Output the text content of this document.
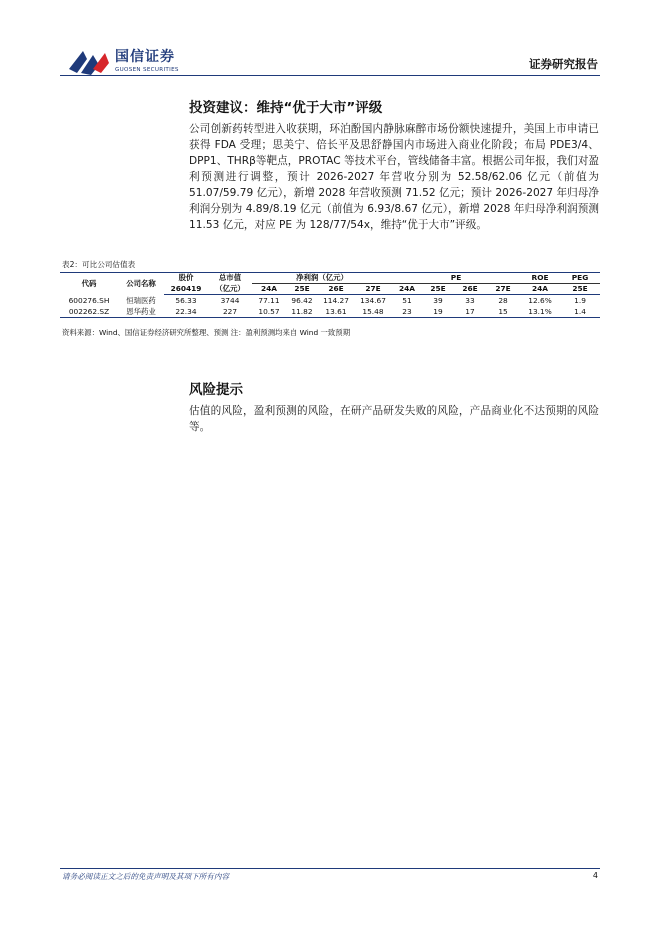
国信证券
GUOSEN SECURITIES	证券研究报告
投资建议：维持“优于大市”评级
公司创新药转型进入收获期，环泊酚国内静脉麻醉市场份额快速提升，美国上市申请已获得 FDA 受理；思美宁、倍长平及思舒静国内市场进入商业化阶段；布局 PDE3/4、DPP1、THRβ等靶点，PROTAC 等技术平台，管线储备丰富。根据公司年报，我们对盈利预测进行调整，预计 2026-2027 年营收分别为 52.58/62.06 亿元（前值为 51.07/59.79 亿元），新增 2028 年营收预测 71.52 亿元；预计 2026-2027 年归母净利润分别为 4.89/8.19 亿元（前值为 6.93/8.67 亿元），新增 2028 年归母净利润预测 11.53 亿元，对应 PE 为 128/77/54x，维持“优于大市”评级。
表2：可比公司估值表
代码	公司名称	股价	总市值	净利润（亿元）				PE				ROE	PEG
		260419	（亿元）	24A	25E	26E	27E	24A	25E	26E	27E	24A	25E
600276.SH	恒瑞医药	56.33	3744	77.11	96.42	114.27	134.67	51	39	33	28	12.6%	1.9
002262.SZ	恩华药业	22.34	227	10.57	11.82	13.61	15.48	23	19	17	15	13.1%	1.4
资料来源：Wind、国信证券经济研究所整理、预测 注：盈利预测均来自 Wind 一致预期
风险提示
估值的风险，盈利预测的风险，在研产品研发失败的风险，产品商业化不达预期的风险等。
请务必阅读正文之后的免责声明及其项下所有内容	4
